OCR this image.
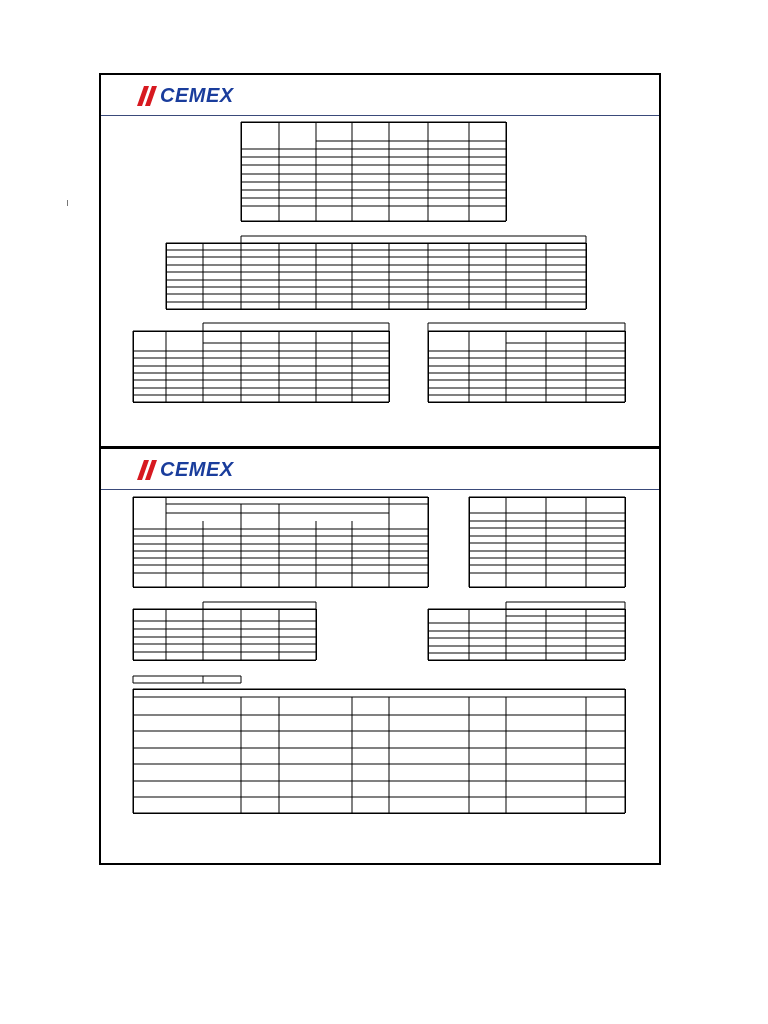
CEMEX
CEMEX
